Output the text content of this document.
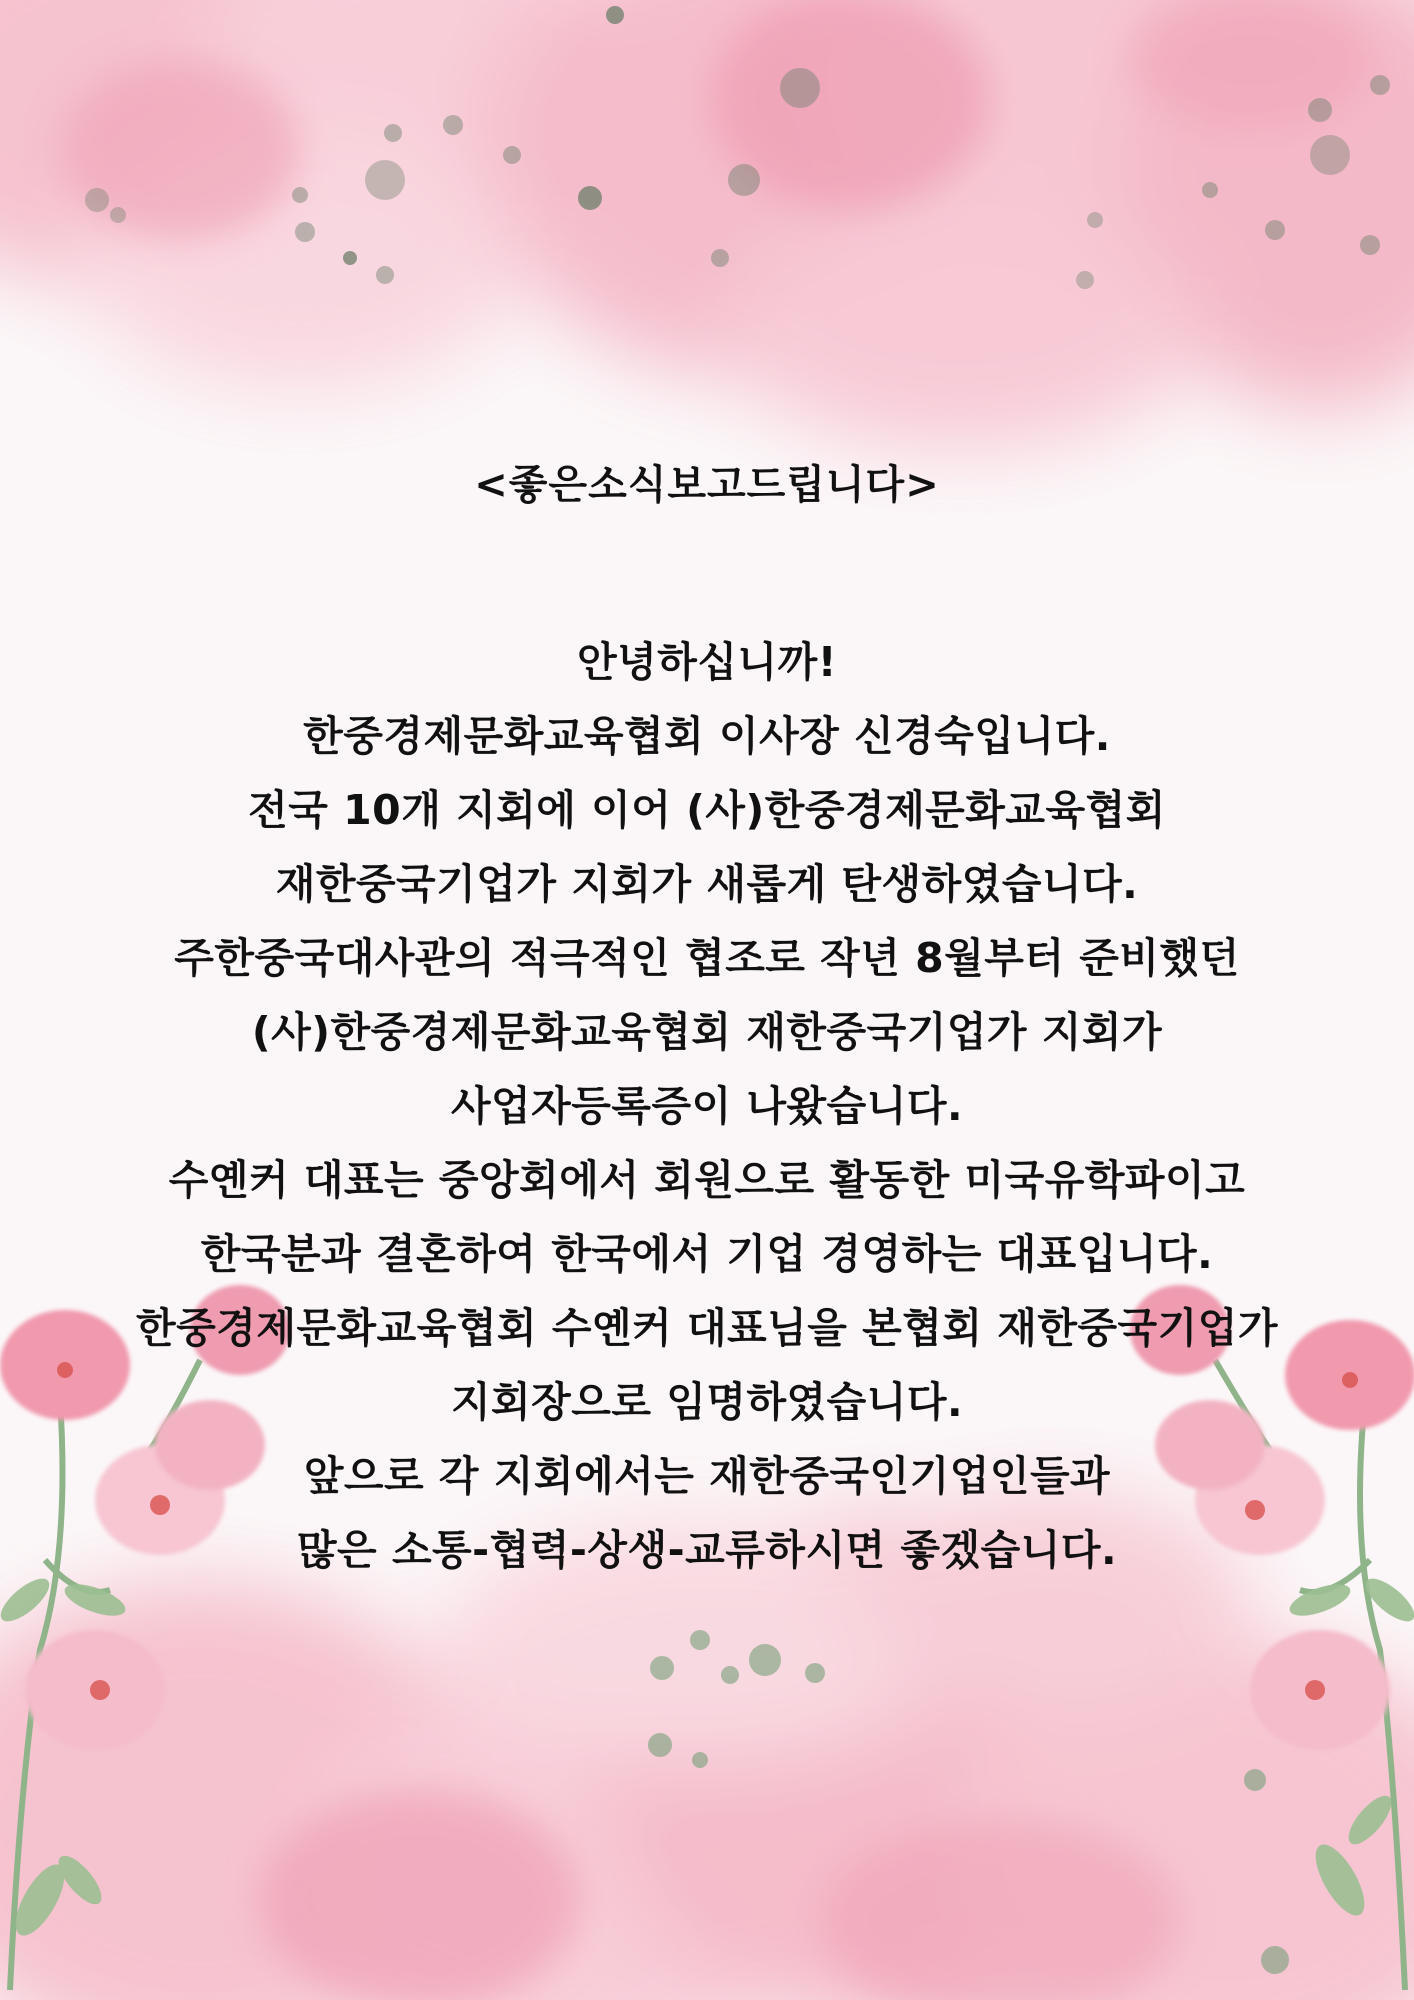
<좋은소식보고드립니다>

안녕하십니까!

한중경제문화교육협회 이사장 신경숙입니다.

전국 10개 지회에 이어 (사)한중경제문화교육협회

재한중국기업가 지회가 새롭게 탄생하였습니다.

주한중국대사관의 적극적인 협조로 작년 8월부터 준비했던

(사)한중경제문화교육협회 재한중국기업가 지회가

사업자등록증이 나왔습니다.

수옌커 대표는 중앙회에서 회원으로 활동한 미국유학파이고

한국분과 결혼하여 한국에서 기업 경영하는 대표입니다.

한중경제문화교육협회 수옌커 대표님을 본협회 재한중국기업가

지회장으로 임명하였습니다.

앞으로 각 지회에서는 재한중국인기업인들과

많은 소통-협력-상생-교류하시면 좋겠습니다.
